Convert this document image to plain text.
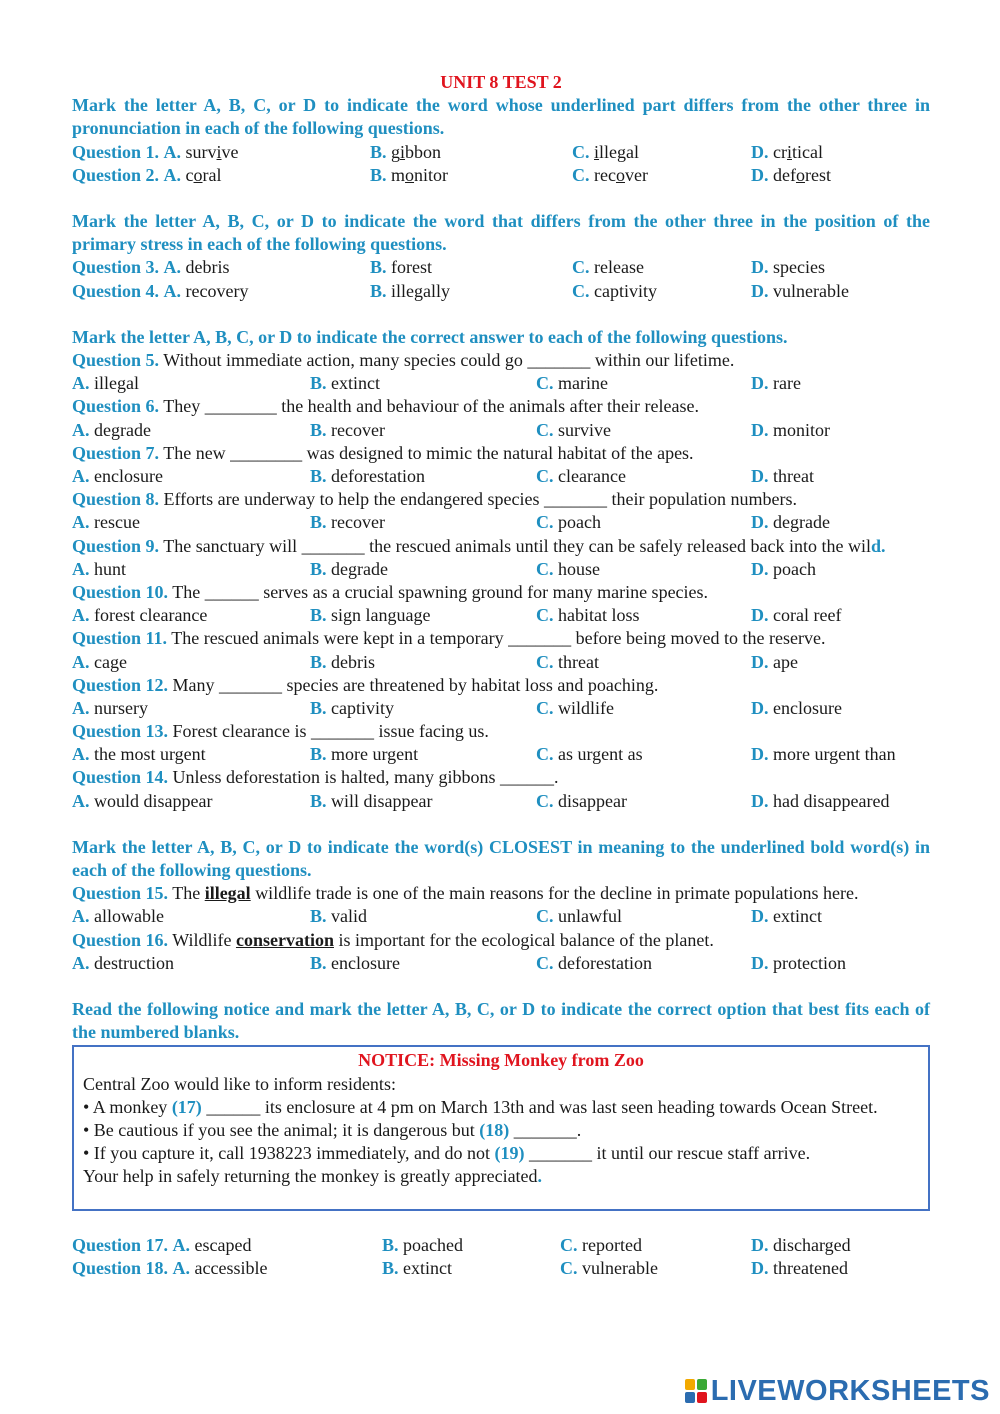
UNIT 8 TEST 2
Mark the letter A, B, C, or D to indicate the word whose underlined part differs from the other three in pronunciation in each of the following questions.
Question 1. A. survive	B. gibbon	C. illegal	D. critical
Question 2. A. coral	B. monitor	C. recover	D. deforest
Mark the letter A, B, C, or D to indicate the word that differs from the other three in the position of the primary stress in each of the following questions.
Question 3. A. debris	B. forest	C. release	D. species
Question 4. A. recovery	B. illegally	C. captivity	D. vulnerable
Mark the letter A, B, C, or D to indicate the correct answer to each of the following questions.
Question 5. Without immediate action, many species could go _______ within our lifetime.
A. illegal	B. extinct	C. marine	D. rare
Question 6. They ________ the health and behaviour of the animals after their release.
A. degrade	B. recover	C. survive	D. monitor
Question 7. The new ________ was designed to mimic the natural habitat of the apes.
A. enclosure	B. deforestation	C. clearance	D. threat
Question 8. Efforts are underway to help the endangered species _______ their population numbers.
A. rescue	B. recover	C. poach	D. degrade
Question 9. The sanctuary will _______ the rescued animals until they can be safely released back into the wild.
A. hunt	B. degrade	C. house	D. poach
Question 10. The ______ serves as a crucial spawning ground for many marine species.
A. forest clearance	B. sign language	C. habitat loss	D. coral reef
Question 11. The rescued animals were kept in a temporary _______ before being moved to the reserve.
A. cage	B. debris	C. threat	D. ape
Question 12. Many _______ species are threatened by habitat loss and poaching.
A. nursery	B. captivity	C. wildlife	D. enclosure
Question 13. Forest clearance is _______ issue facing us.
A. the most urgent	B. more urgent	C. as urgent as	D. more urgent than
Question 14. Unless deforestation is halted, many gibbons ______.
A. would disappear	B. will disappear	C. disappear	D. had disappeared
Mark the letter A, B, C, or D to indicate the word(s) CLOSEST in meaning to the underlined bold word(s) in each of the following questions.
Question 15. The illegal wildlife trade is one of the main reasons for the decline in primate populations here.
A. allowable	B. valid	C. unlawful	D. extinct
Question 16. Wildlife conservation is important for the ecological balance of the planet.
A. destruction	B. enclosure	C. deforestation	D. protection
Read the following notice and mark the letter A, B, C, or D to indicate the correct option that best fits each of the numbered blanks.
NOTICE: Missing Monkey from Zoo

Central Zoo would like to inform residents:

• A monkey (17) ______ its enclosure at 4 pm on March 13th and was last seen heading towards Ocean Street.

• Be cautious if you see the animal; it is dangerous but (18) _______.

• If you capture it, call 1938223 immediately, and do not (19) _______ it until our rescue staff arrive.

Your help in safely returning the monkey is greatly appreciated.

Question 17. A. escaped	B. poached	C. reported	D. discharged
Question 18. A. accessible	B. extinct	C. vulnerable	D. threatened
LIVEWORKSHEETS
